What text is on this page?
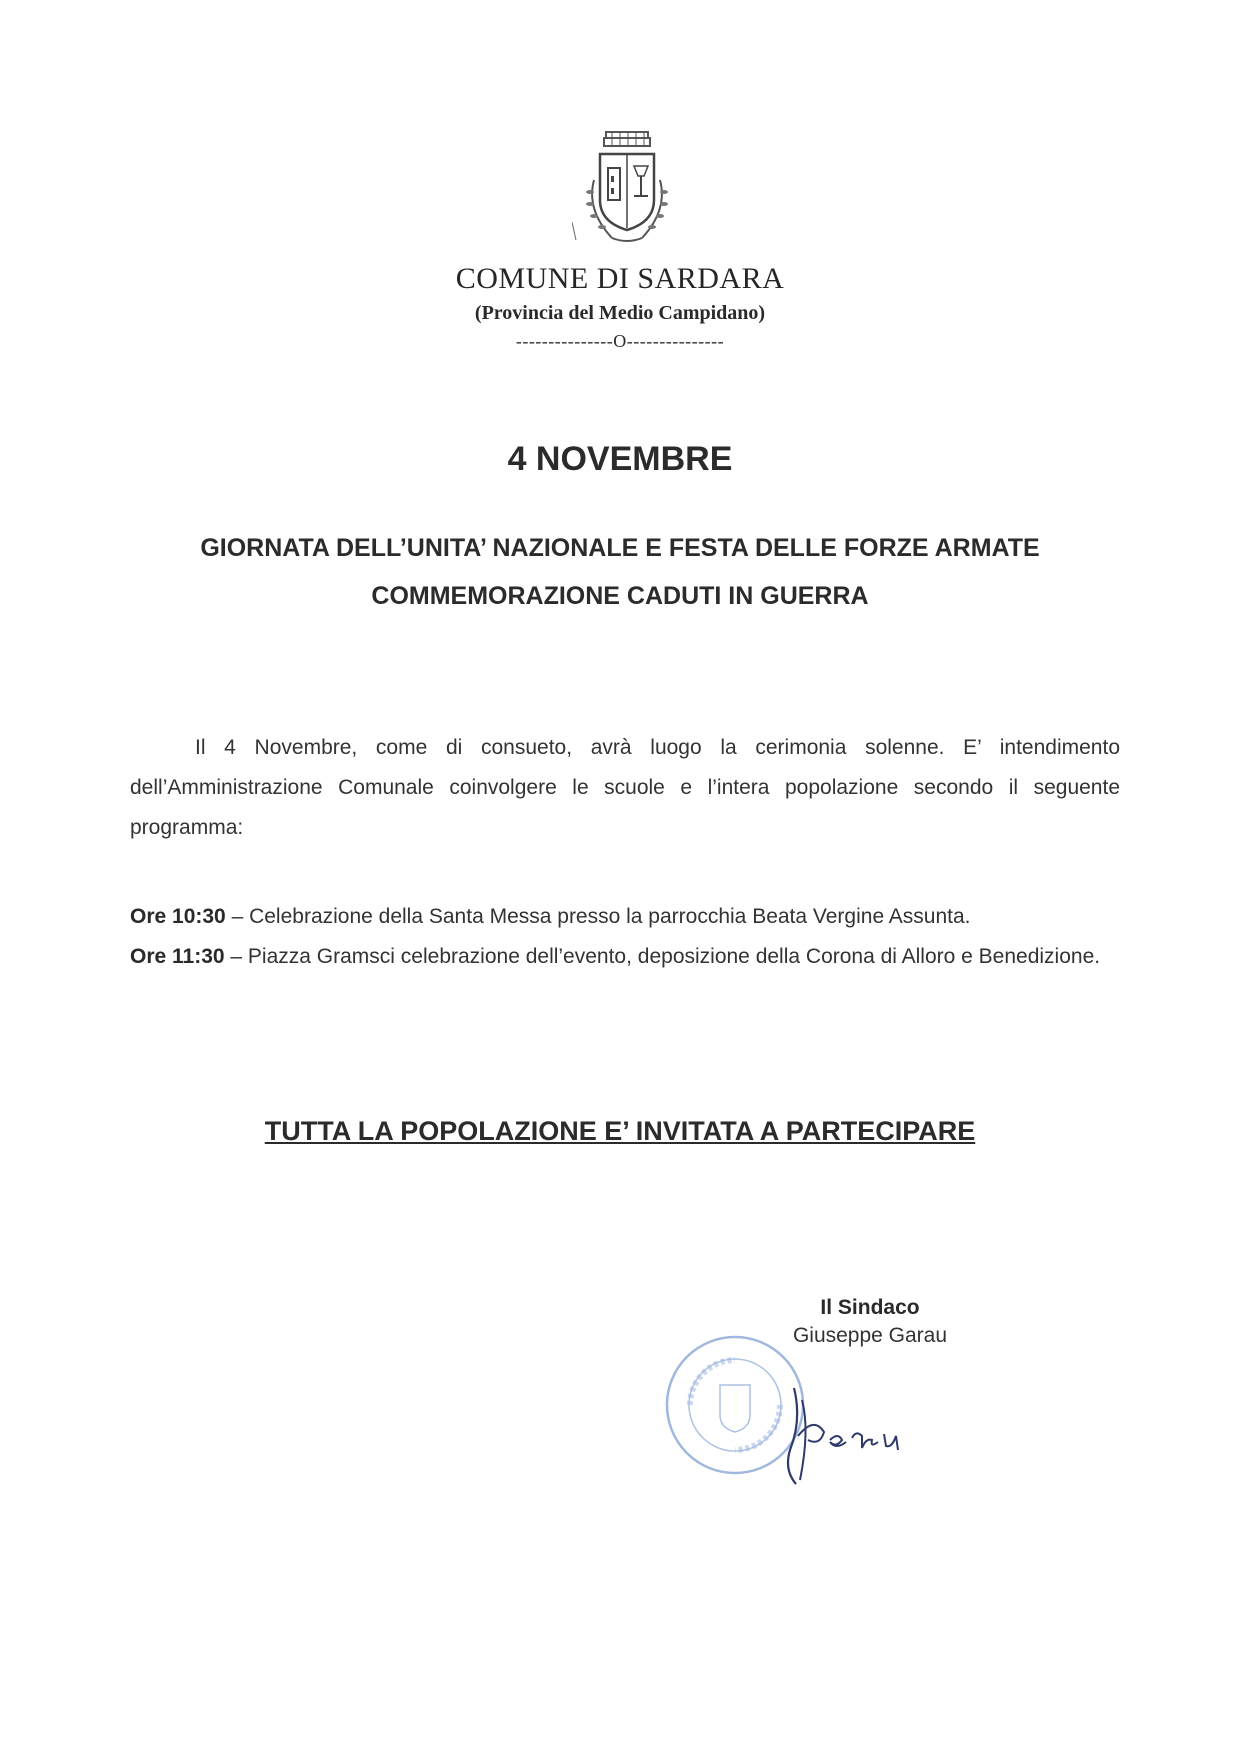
COMUNE DI SARDARA
(Provincia del Medio Campidano)
---------------O---------------
4 NOVEMBRE
GIORNATA DELL’UNITA’ NAZIONALE E FESTA DELLE FORZE ARMATE
COMMEMORAZIONE CADUTI IN GUERRA
Il 4 Novembre, come di consueto, avrà luogo la cerimonia solenne. E’ intendimento dell’Amministrazione Comunale coinvolgere le scuole e l’intera popolazione secondo il seguente programma:
Ore 10:30 – Celebrazione della Santa Messa presso la parrocchia Beata Vergine Assunta.
Ore 11:30 – Piazza Gramsci celebrazione dell’evento, deposizione della Corona di Alloro e Benedizione.
TUTTA LA POPOLAZIONE E’ INVITATA A PARTECIPARE
Il Sindaco
Giuseppe Garau
